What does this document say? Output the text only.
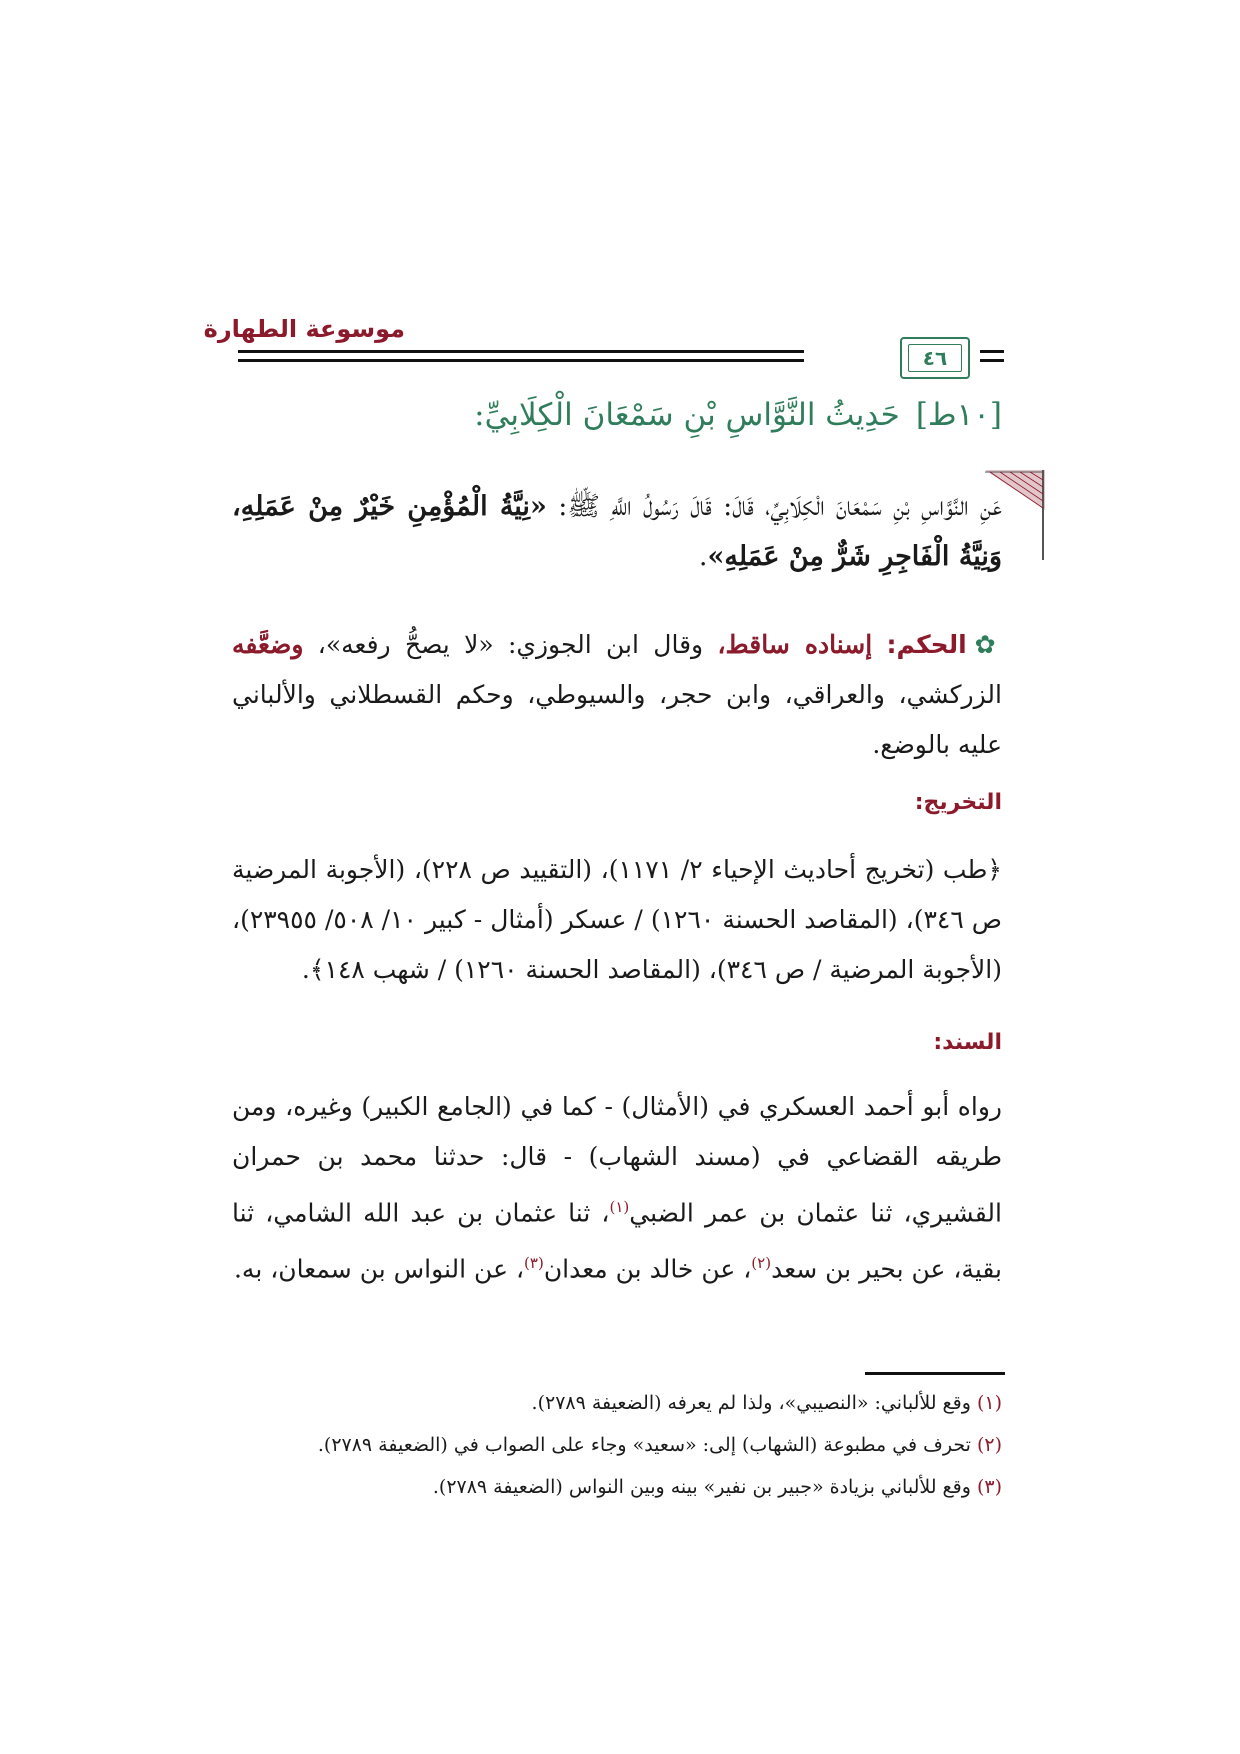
موسوعة الطهارة
٤٦
[١٠ط]حَدِيثُ النَّوَّاسِ بْنِ سَمْعَانَ الْكِلَابِيِّ:
عَنِ النَّوَّاسِ بْنِ سَمْعَانَ الْكِلَابِيِّ، قَالَ: قَالَ رَسُولُ اللَّهِ ﷺ: «نِيَّةُ الْمُؤْمِنِ خَيْرٌ مِنْ عَمَلِهِ، وَنِيَّةُ الْفَاجِرِ شَرٌّ مِنْ عَمَلِهِ».
✿الحكم: إسناده ساقط، وقال ابن الجوزي: «لا يصحُّ رفعه»، وضعَّفه الزركشي، والعراقي، وابن حجر، والسيوطي، وحكم القسطلاني والألباني عليه بالوضع.
التخريج:
﴿طب (تخريج أحاديث الإحياء ٢/ ١١٧١)، (التقييد ص ٢٢٨)، (الأجوبة المرضية ص ٣٤٦)، (المقاصد الحسنة ١٢٦٠) / عسكر (أمثال - كبير ١٠/ ٥٠٨/ ٢٣٩٥٥)، (الأجوبة المرضية / ص ٣٤٦)، (المقاصد الحسنة ١٢٦٠) / شهب ١٤٨﴾.
السند:
رواه أبو أحمد العسكري في (الأمثال) - كما في (الجامع الكبير) وغيره، ومن طريقه القضاعي في (مسند الشهاب) - قال: حدثنا محمد بن حمران القشيري، ثنا عثمان بن عمر الضبي$^{(١)}$، ثنا عثمان بن عبد الله الشامي، ثنا بقية، عن بحير بن سعد$^{(٢)}$، عن خالد بن معدان$^{(٣)}$، عن النواس بن سمعان، به.
(١) وقع للألباني: «النصيبي»، ولذا لم يعرفه (الضعيفة ٢٧٨٩).
(٢) تحرف في مطبوعة (الشهاب) إلى: «سعيد» وجاء على الصواب في (الضعيفة ٢٧٨٩).
(٣) وقع للألباني بزيادة «جبير بن نفير» بينه وبين النواس (الضعيفة ٢٧٨٩).
